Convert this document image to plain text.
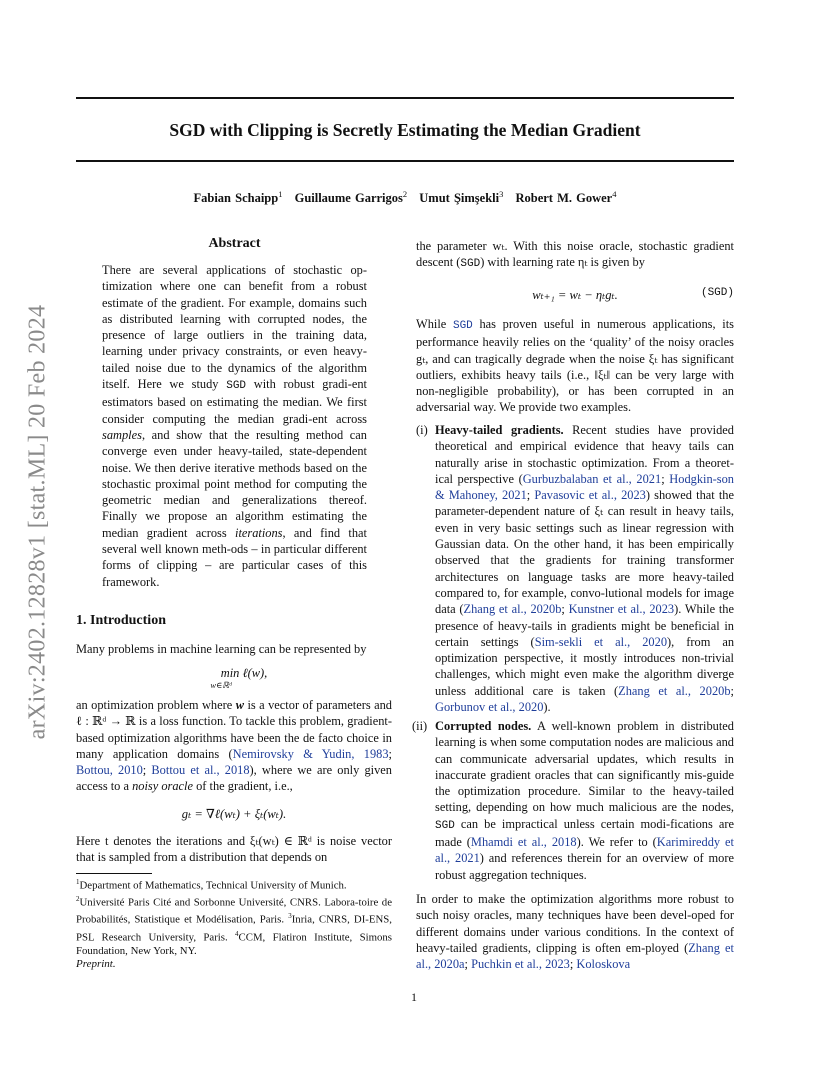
arXiv:2402.12828v1 [stat.ML] 20 Feb 2024
SGD with Clipping is Secretly Estimating the Median Gradient
Fabian Schaipp$^1$ Guillaume Garrigos$^2$ Umut Şimşekli$^3$ Robert M. Gower$^4$
Abstract

There are several applications of stochastic op-timization where one can benefit from a robust estimate of the gradient. For example, domains such as distributed learning with corrupted nodes, the presence of large outliers in the training data, learning under privacy constraints, or even heavy-tailed noise due to the dynamics of the algorithm itself. Here we study SGD with robust gradi-ent estimators based on estimating the median. We first consider computing the median gradi-ent across samples, and show that the resulting method can converge even under heavy-tailed, state-dependent noise. We then derive iterative methods based on the stochastic proximal point method for computing the geometric median and generalizations thereof. Finally we propose an algorithm estimating the median gradient across iterations, and find that several well known meth-ods – in particular different forms of clipping – are particular cases of this framework.

1. Introduction

Many problems in machine learning can be represented by

min ℓ(w),
w∈ℝᵈ

an optimization problem where w is a vector of parameters and ℓ : ℝᵈ → ℝ is a loss function. To tackle this problem, gradient-based optimization algorithms have been the de facto choice in many application domains (Nemirovsky & Yudin, 1983; Bottou, 2010; Bottou et al., 2018), where we are only given access to a noisy oracle of the gradient, i.e.,

gₜ = ∇ℓ(wₜ) + ξₜ(wₜ).

Here t denotes the iterations and ξₜ(wₜ) ∈ ℝᵈ is noise vector that is sampled from a distribution that depends on

$^1$Department of Mathematics, Technical University of Munich.
$^2$Université Paris Cité and Sorbonne Université, CNRS. Labora-toire de Probabilités, Statistique et Modélisation, Paris. $^3$Inria, CNRS, DI-ENS, PSL Research University, Paris. $^4$CCM, Flatiron Institute, Simons Foundation, New York, NY.

Preprint.

the parameter wₜ. With this noise oracle, stochastic gradient descent (SGD) with learning rate ηₜ is given by

wₜ₊₁ = wₜ − ηₜgₜ.	(SGD)

While SGD has proven useful in numerous applications, its performance heavily relies on the ‘quality’ of the noisy oracles gₜ, and can tragically degrade when the noise ξₜ has significant outliers, exhibits heavy tails (i.e., ‖ξₜ‖ can be very large with non-negligible probability), or has been corrupted in an adversarial way. We provide two examples.

(i) Heavy-tailed gradients. Recent studies have provided theoretical and empirical evidence that heavy tails can naturally arise in stochastic optimization. From a theoret-ical perspective (Gurbuzbalaban et al., 2021; Hodgkin-son & Mahoney, 2021; Pavasovic et al., 2023) showed that the parameter-dependent nature of ξₜ can result in heavy tails, even in very basic settings such as linear regression with Gaussian data. On the other hand, it has been empirically observed that the gradients for training transformer architectures on language tasks are more heavy-tailed compared to, for example, convo-lutional models for image data (Zhang et al., 2020b; Kunstner et al., 2023). While the presence of heavy-tails in gradients might be beneficial in certain settings (Sim-sekli et al., 2020), from an optimization perspective, it mostly introduces non-trivial challenges, which might even make the algorithm diverge unless additional care is taken (Zhang et al., 2020b; Gorbunov et al., 2020).
(ii) Corrupted nodes. A well-known problem in distributed learning is when some computation nodes are malicious and can communicate adversarial updates, which results in inaccurate gradient oracles that can significantly mis-guide the optimization procedure. Similar to the heavy-tailed setting, depending on how much malicious are the nodes, SGD can be impractical unless certain modi-fications are made (Mhamdi et al., 2018). We refer to (Karimireddy et al., 2021) and references therein for an overview of more robust aggregation techniques.

In order to make the optimization algorithms more robust to such noisy oracles, many techniques have been devel-oped for different domains under various conditions. In the context of heavy-tailed gradients, clipping is often em-ployed (Zhang et al., 2020a; Puchkin et al., 2023; Koloskova

1
